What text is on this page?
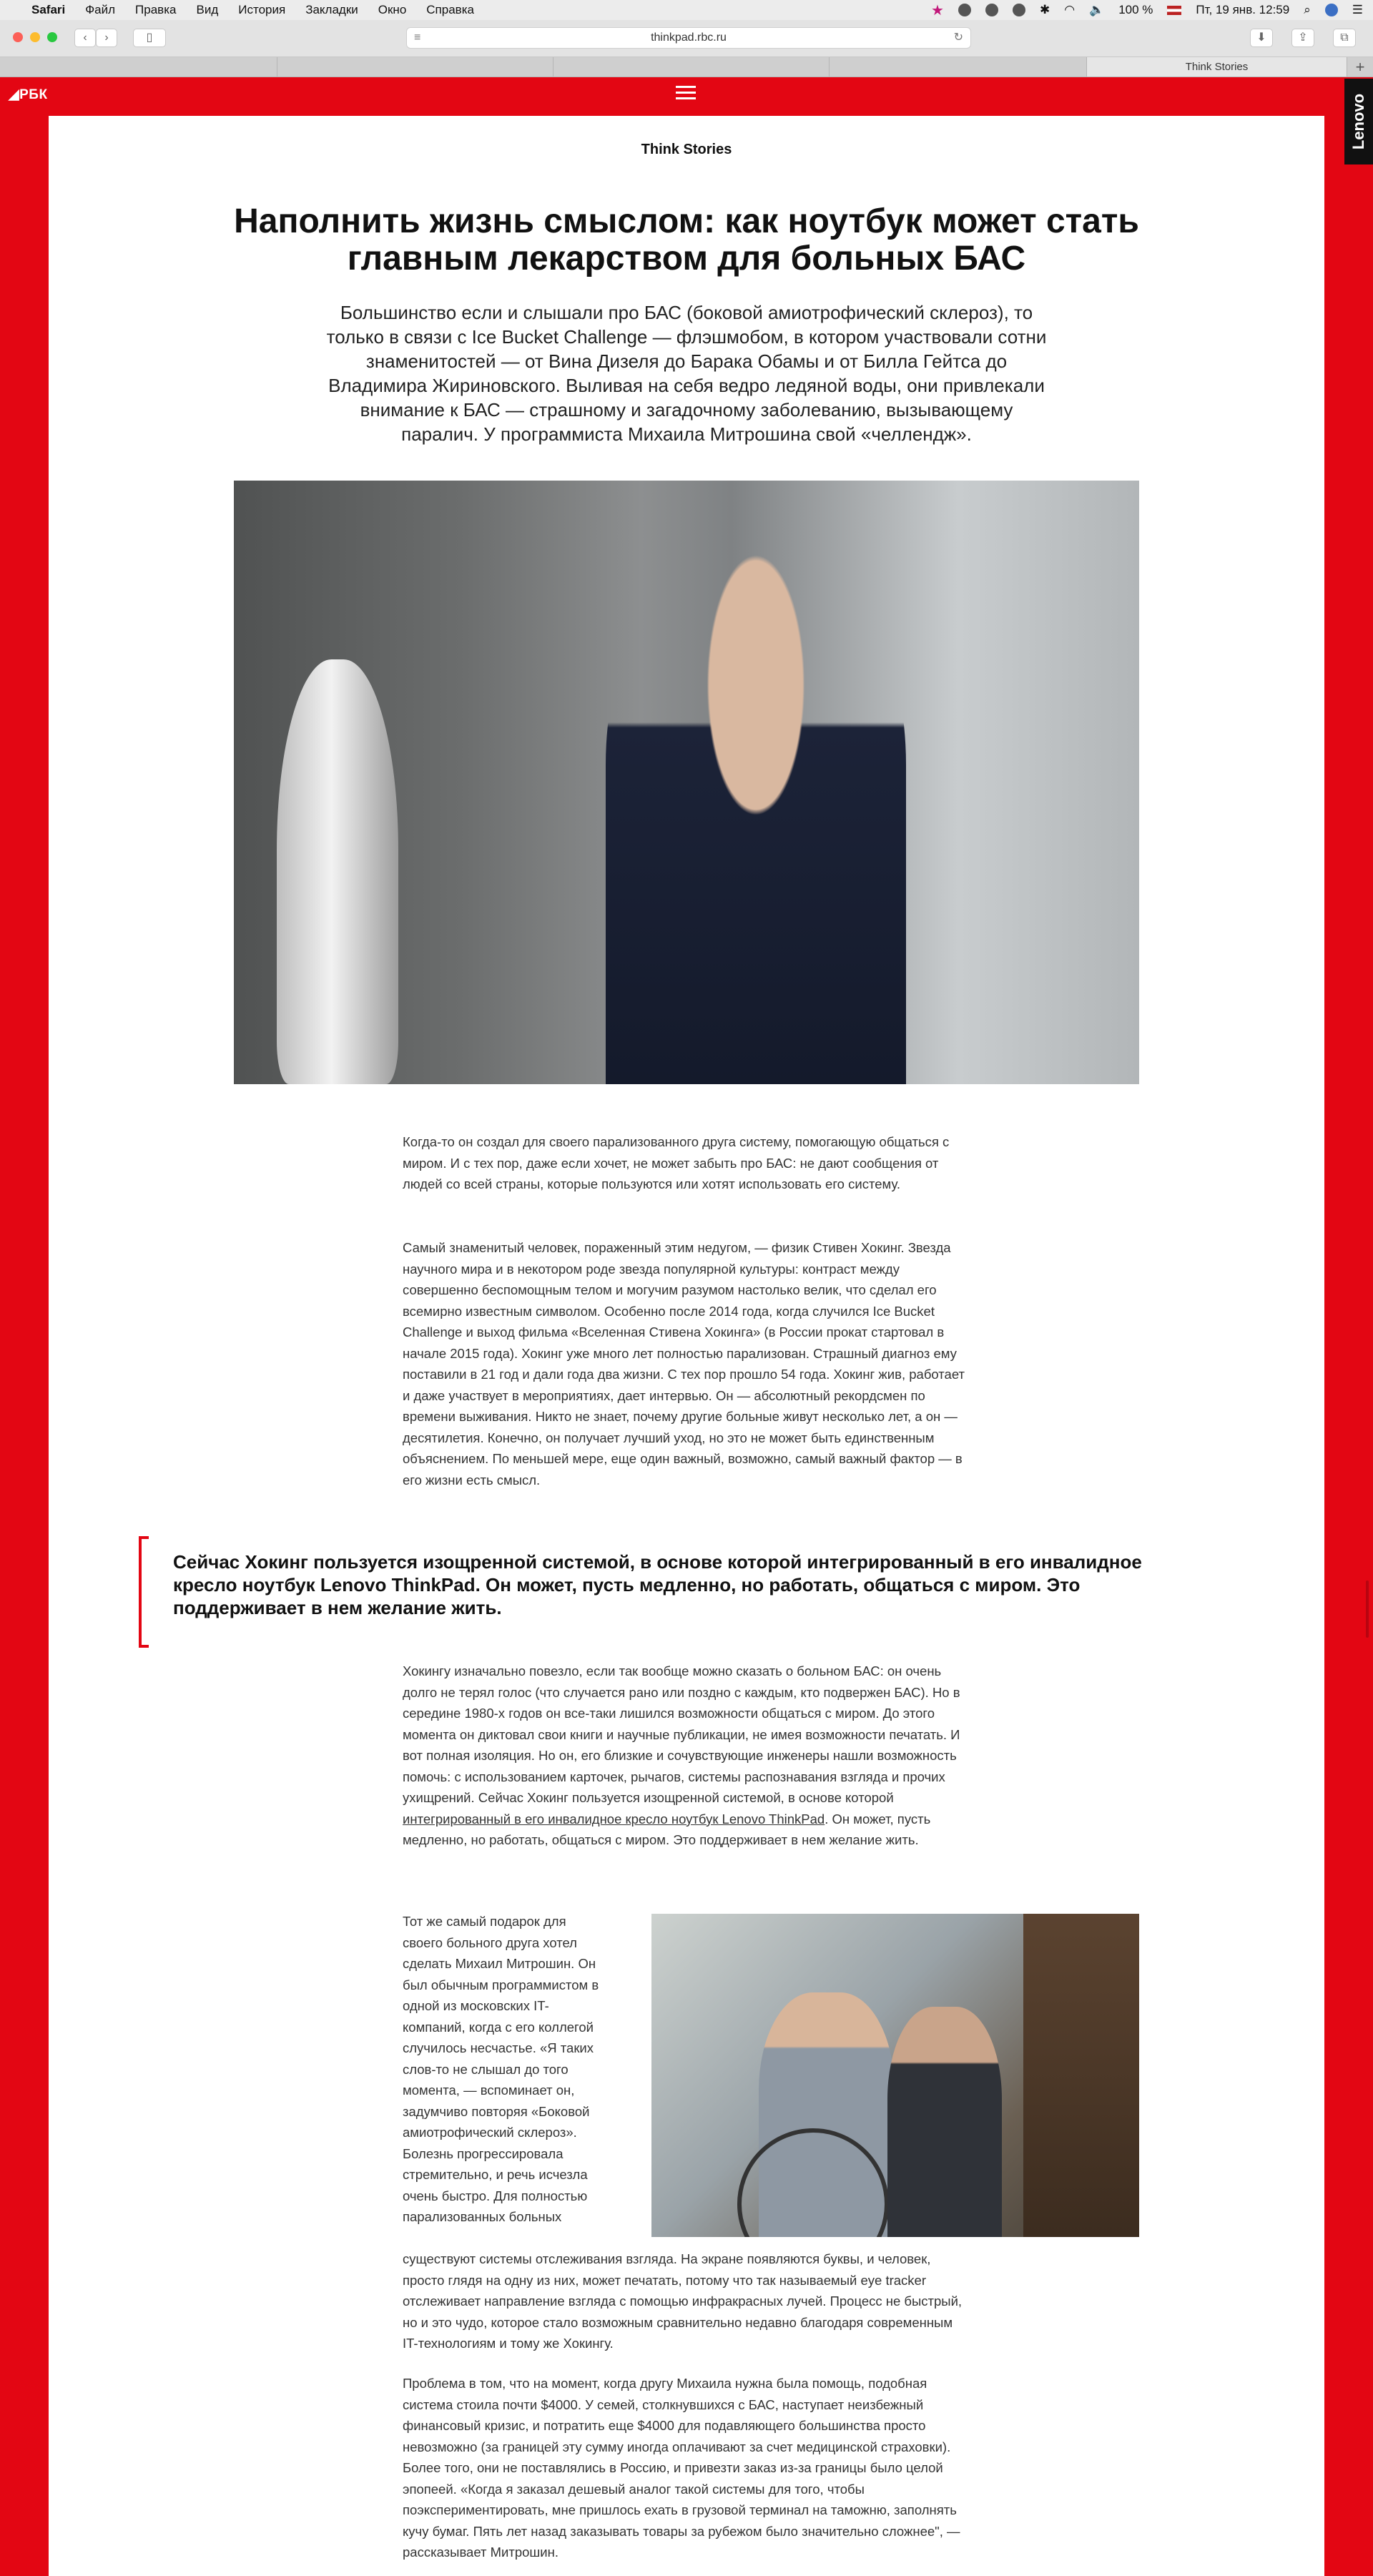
Safari Файл Правка Вид История Закладки Окно Справка	★	✱ ◠ 🔈 100 %	Пт, 19 янв. 12:59 ⌕	☰
‹	›	▯	≡	thinkpad.rbc.ru	↻	⬇	⇪	⧉
Think Stories	+
◢РБК	Lenovo
Think Stories
Наполнить жизнь смыслом: как ноутбук может стать главным лекарством для больных БАС

Большинство если и слышали про БАС (боковой амиотрофический склероз), то только в связи с Ice Bucket Challenge — флэшмобом, в котором участвовали сотни знаменитостей — от Вина Дизеля до Барака Обамы и от Билла Гейтса до Владимира Жириновского. Выливая на себя ведро ледяной воды, они привлекали внимание к БАС — страшному и загадочному заболеванию, вызывающему паралич. У программиста Михаила Митрошина свой «челлендж».

Когда-то он создал для своего парализованного друга систему, помогающую общаться с миром. И с тех пор, даже если хочет, не может забыть про БАС: не дают сообщения от людей со всей страны, которые пользуются или хотят использовать его систему.

Самый знаменитый человек, пораженный этим недугом, — физик Стивен Хокинг. Звезда научного мира и в некотором роде звезда популярной культуры: контраст между совершенно беспомощным телом и могучим разумом настолько велик, что сделал его всемирно известным символом. Особенно после 2014 года, когда случился Ice Bucket Challenge и выход фильма «Вселенная Стивена Хокинга» (в России прокат стартовал в начале 2015 года). Хокинг уже много лет полностью парализован. Страшный диагноз ему поставили в 21 год и дали года два жизни. С тех пор прошло 54 года. Хокинг жив, работает и даже участвует в мероприятиях, дает интервью. Он — абсолютный рекордсмен по времени выживания. Никто не знает, почему другие больные живут несколько лет, а он — десятилетия. Конечно, он получает лучший уход, но это не может быть единственным объяснением. По меньшей мере, еще один важный, возможно, самый важный фактор — в его жизни есть смысл.

Сейчас Хокинг пользуется изощренной системой, в основе которой интегрированный в его инвалидное кресло ноутбук Lenovo ThinkPad. Он может, пусть медленно, но работать, общаться с миром. Это поддерживает в нем желание жить.

Хокингу изначально повезло, если так вообще можно сказать о больном БАС: он очень долго не терял голос (что случается рано или поздно с каждым, кто подвержен БАС). Но в середине 1980-х годов он все-таки лишился возможности общаться с миром. До этого момента он диктовал свои книги и научные публикации, не имея возможности печатать. И вот полная изоляция. Но он, его близкие и сочувствующие инженеры нашли возможность помочь: с использованием карточек, рычагов, системы распознавания взгляда и прочих ухищрений. Сейчас Хокинг пользуется изощренной системой, в основе которой интегрированный в его инвалидное кресло ноутбук Lenovo ThinkPad. Он может, пусть медленно, но работать, общаться с миром. Это поддерживает в нем желание жить.

Тот же самый подарок для своего больного друга хотел сделать Михаил Митрошин. Он был обычным программистом в одной из московских IT-компаний, когда с его коллегой случилось несчастье. «Я таких слов-то не слышал до того момента, — вспоминает он, задумчиво повторяя «Боковой амиотрофический склероз». Болезнь прогрессировала стремительно, и речь исчезла очень быстро. Для полностью парализованных больных

существуют системы отслеживания взгляда. На экране появляются буквы, и человек, просто глядя на одну из них, может печатать, потому что так называемый eye tracker отслеживает направление взгляда с помощью инфракрасных лучей. Процесс не быстрый, но и это чудо, которое стало возможным сравнительно недавно благодаря современным IT-технологиям и тому же Хокингу.

Проблема в том, что на момент, когда другу Михаила нужна была помощь, подобная система стоила почти $4000. У семей, столкнувшихся с БАС, наступает неизбежный финансовый кризис, и потратить еще $4000 для подавляющего большинства просто невозможно (за границей эту сумму иногда оплачивают за счет медицинской страховки). Более того, они не поставлялись в Россию, и привезти заказ из-за границы было целой эпопеей. «Когда я заказал дешевый аналог такой системы для того, чтобы поэкспериментировать, мне пришлось ехать в грузовой терминал на таможню, заполнять кучу бумаг. Пять лет назад заказывать товары за рубежом было значительно сложнее", — рассказывает Митрошин.
